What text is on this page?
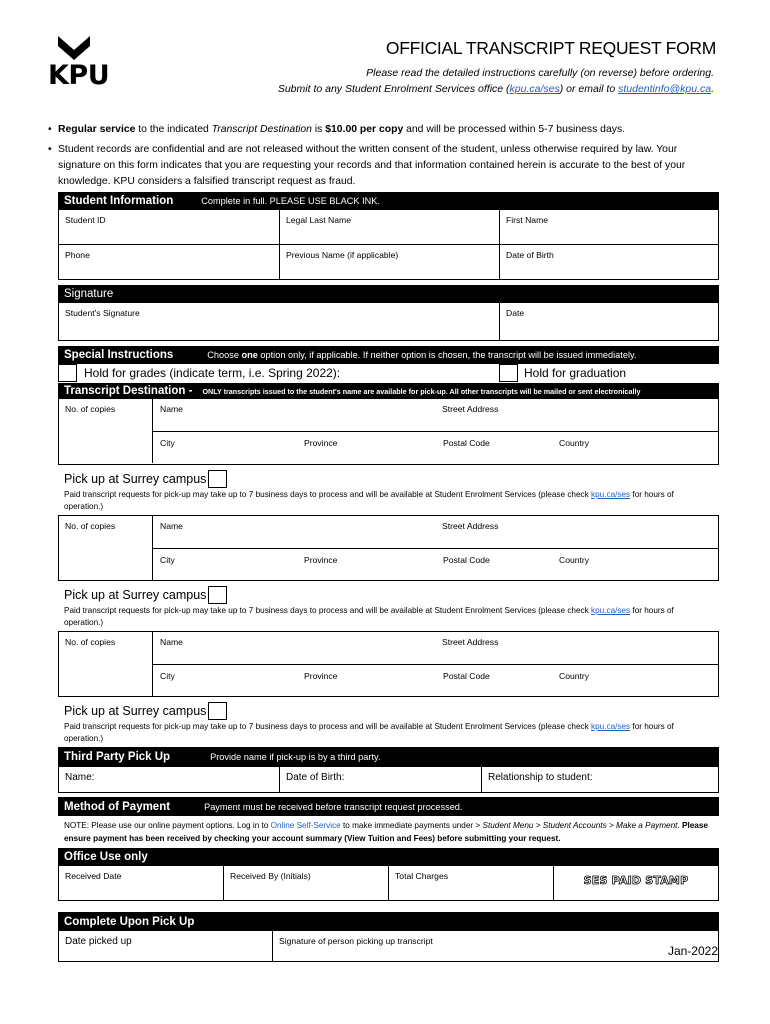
KPU
OFFICIAL TRANSCRIPT REQUEST FORM
Please read the detailed instructions carefully (on reverse) before ordering.
Submit to any Student Enrolment Services office (kpu.ca/ses) or email to studentinfo@kpu.ca.
• Regular service to the indicated Transcript Destination is $10.00 per copy and will be processed within 5-7 business days.
• Student records are confidential and are not released without the written consent of the student, unless otherwise required by law. Your signature on this form indicates that you are requesting your records and that information contained herein is accurate to the best of your knowledge. KPU considers a falsified transcript request as fraud.
Student Information	Complete in full. PLEASE USE BLACK INK.
Student ID	Legal Last Name	First Name
Phone	Previous Name (if applicable)	Date of Birth
Signature
Student's Signature	Date
Special Instructions	Choose one option only, if applicable. If neither option is chosen, the transcript will be issued immediately.
Hold for grades (indicate term, i.e. Spring 2022):	Hold for graduation
Transcript Destination - ONLY transcripts issued to the student's name are available for pick-up. All other transcripts will be mailed or sent electronically
No. of copies	Name	Street Address
City	Province	Postal Code	Country
Pick up at Surrey campus
Paid transcript requests for pick-up may take up to 7 business days to process and will be available at Student Enrolment Services (please check kpu.ca/ses for hours of operation.)
No. of copies	Name	Street Address
City	Province	Postal Code	Country
Pick up at Surrey campus
Paid transcript requests for pick-up may take up to 7 business days to process and will be available at Student Enrolment Services (please check kpu.ca/ses for hours of operation.)
No. of copies	Name	Street Address
City	Province	Postal Code	Country
Pick up at Surrey campus
Paid transcript requests for pick-up may take up to 7 business days to process and will be available at Student Enrolment Services (please check kpu.ca/ses for hours of operation.)
Third Party Pick Up	Provide name if pick-up is by a third party.
Name:	Date of Birth:	Relationship to student:
Method of Payment	Payment must be received before transcript request processed.
NOTE: Please use our online payment options. Log in to Online Self-Service to make immediate payments under > Student Menu > Student Accounts > Make a Payment. Please ensure payment has been received by checking your account summary (View Tuition and Fees) before submitting your request.
Office Use only
Received Date	Received By (Initials)	Total Charges	SES PAID STAMP
Complete Upon Pick Up
Date picked up	Signature of person picking up transcript
Jan-2022
